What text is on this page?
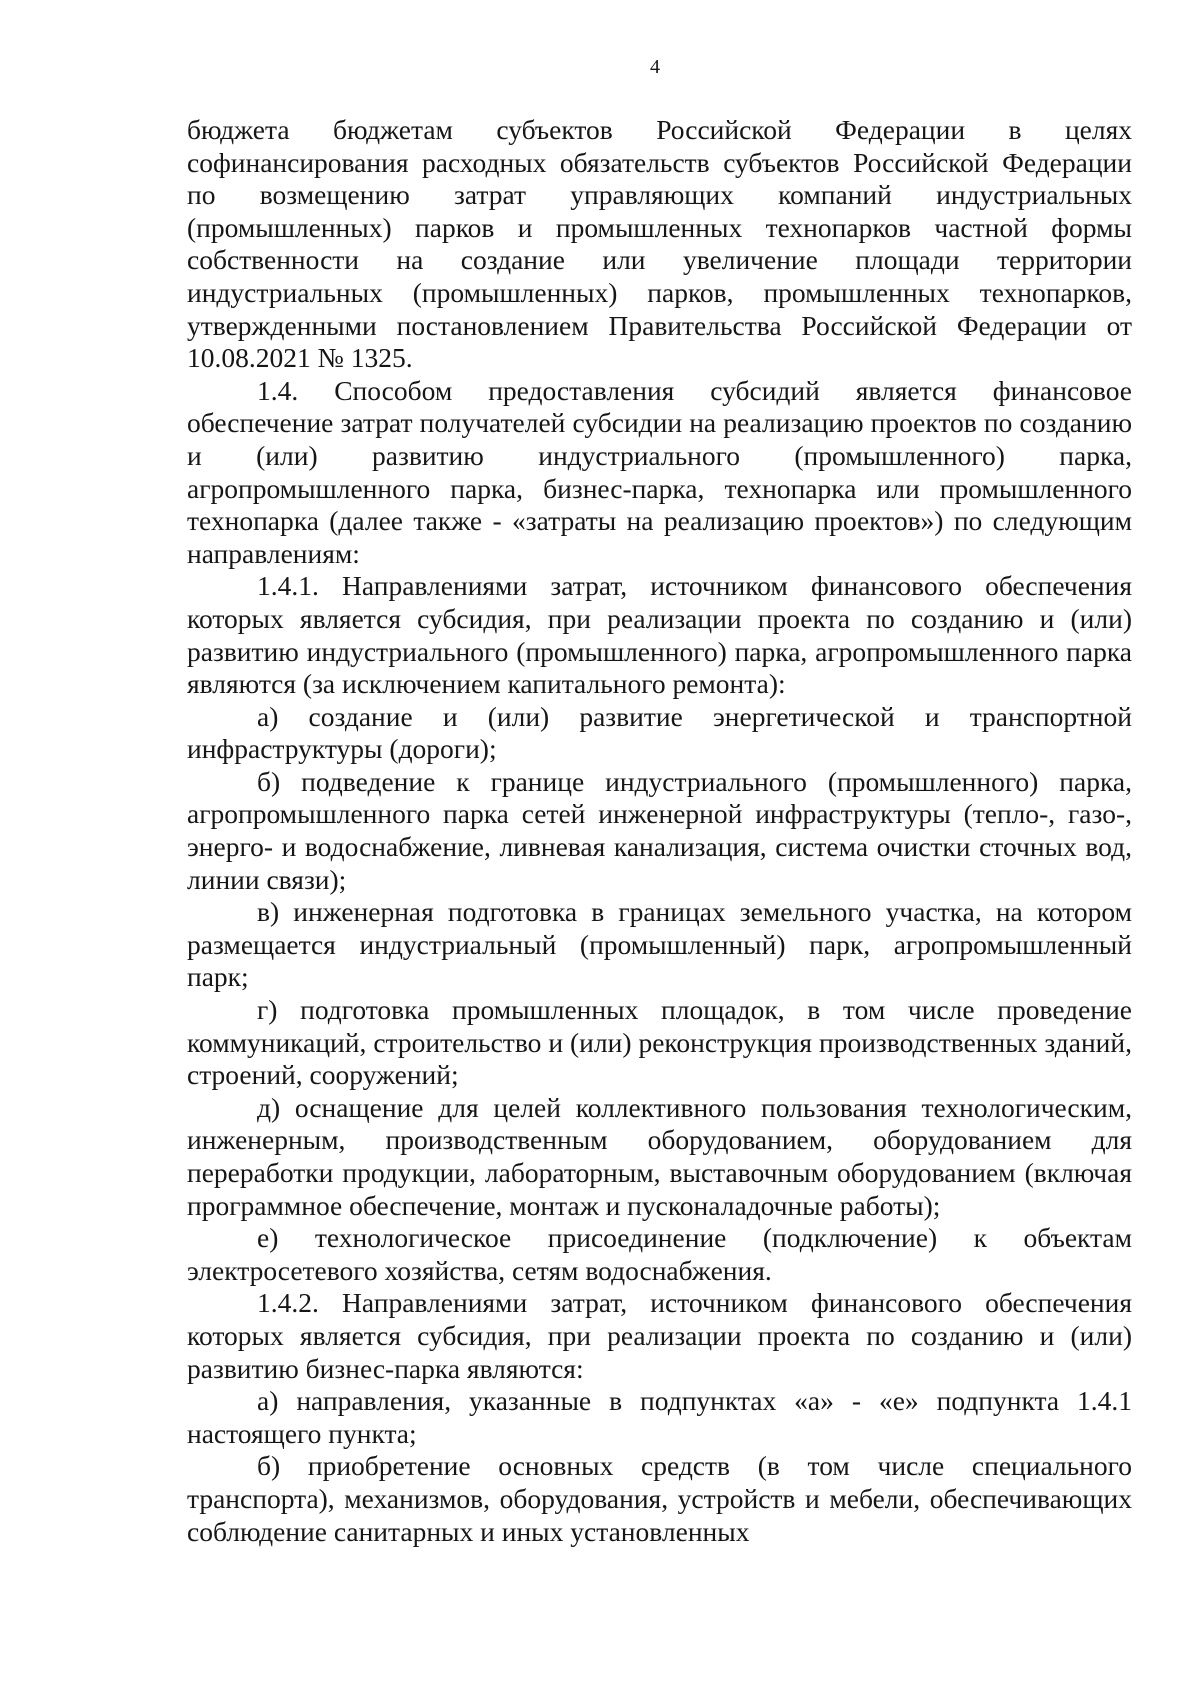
4

бюджета бюджетам субъектов Российской Федерации в целях софинансирования расходных обязательств субъектов Российской Федерации по возмещению затрат управляющих компаний индустриальных (промышленных) парков и промышленных технопарков частной формы собственности на создание или увеличение площади территории индустриальных (промышленных) парков, промышленных технопарков, утвержденными постановлением Правительства Российской Федерации от 10.08.2021 № 1325.

1.4. Способом предоставления субсидий является финансовое обеспечение затрат получателей субсидии на реализацию проектов по созданию и (или) развитию индустриального (промышленного) парка, агропромышленного парка, бизнес-парка, технопарка или промышленного технопарка (далее также - «затраты на реализацию проектов») по следующим направлениям:

1.4.1. Направлениями затрат, источником финансового обеспечения которых является субсидия, при реализации проекта по созданию и (или) развитию индустриального (промышленного) парка, агропромышленного парка являются (за исключением капитального ремонта):

а) создание и (или) развитие энергетической и транспортной инфраструктуры (дороги);

б) подведение к границе индустриального (промышленного) парка, агропромышленного парка сетей инженерной инфраструктуры (тепло-, газо-, энерго- и водоснабжение, ливневая канализация, система очистки сточных вод, линии связи);

в) инженерная подготовка в границах земельного участка, на котором размещается индустриальный (промышленный) парк, агропромышленный парк;

г) подготовка промышленных площадок, в том числе проведение коммуникаций, строительство и (или) реконструкция производственных зданий, строений, сооружений;

д) оснащение для целей коллективного пользования технологическим, инженерным, производственным оборудованием, оборудованием для переработки продукции, лабораторным, выставочным оборудованием (включая программное обеспечение, монтаж и пусконаладочные работы);

е) технологическое присоединение (подключение) к объектам электросетевого хозяйства, сетям водоснабжения.

1.4.2. Направлениями затрат, источником финансового обеспечения которых является субсидия, при реализации проекта по созданию и (или) развитию бизнес-парка являются:

а) направления, указанные в подпунктах «а» - «е» подпункта 1.4.1 настоящего пункта;

б) приобретение основных средств (в том числе специального транспорта), механизмов, оборудования, устройств и мебели, обеспечивающих соблюдение санитарных и иных установленных
